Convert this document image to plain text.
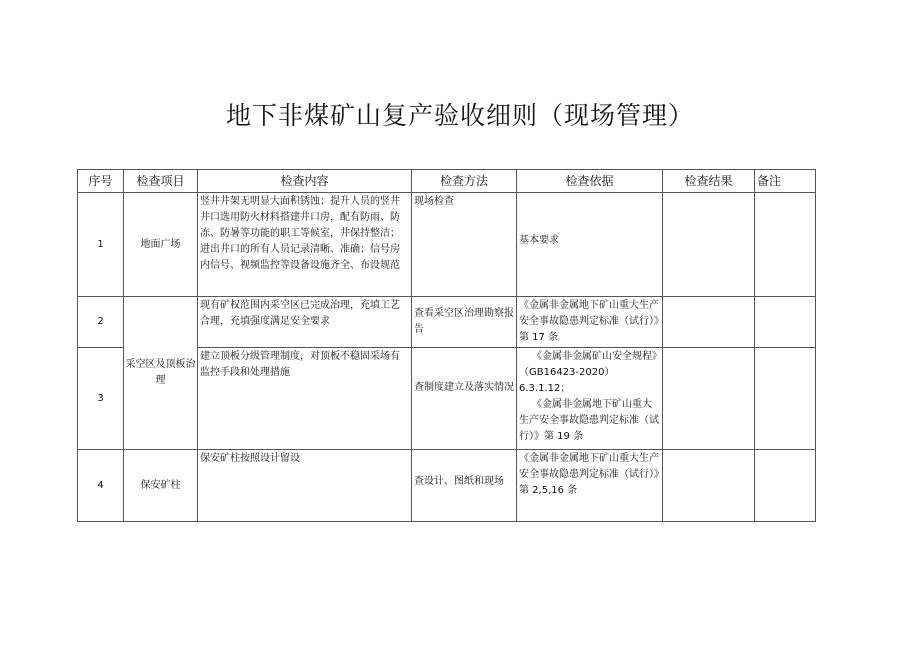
地下非煤矿山复产验收细则（现场管理）
序号	检查项目	检查内容	检查方法	检查依据	检查结果	备注
1	地面广场	竖井井架无明显大面积锈蚀；提升人员的竖井井口选用防火材料搭建井口房，配有防雨、防冻、防暑等功能的职工等候室，井保持整洁；进出井口的所有人员记录清晰、准确；信号房内信号、视频监控等设备设施齐全、布设规范	现场检查	基本要求		

2	采空区及顶板治理	现有矿权范围内采空区已完成治理，充填工艺合理，充填强度满足安全要求	查看采空区治理勘察报告	《金属非金属地下矿山重大生产安全事故隐患判定标准（试行）》第 17 条		

3		建立顶板分级管理制度，对顶板不稳固采场有监控手段和处理措施	查制度建立及落实情况	《金属非金属矿山安全规程》（GB16423-2020）
6.3.1.12；
《金属非金属地下矿山重大生产安全事故隐患判定标准（试行）》第 19 条		

4	保安矿柱	保安矿柱按照设计留设	查设计、图纸和现场	《金属非金属地下矿山重大生产安全事故隐患判定标准（试行）》第 2,5,16 条		
